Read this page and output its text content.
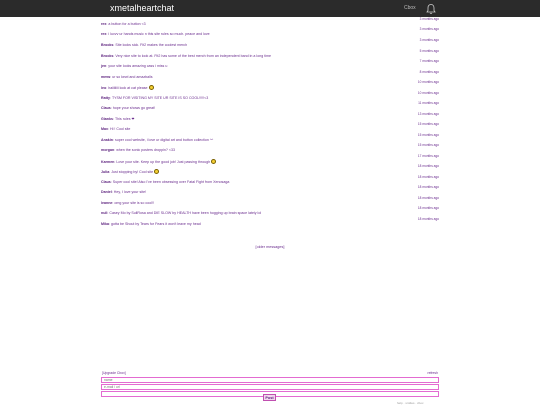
xmetalheartchat	Cbox
3 months ago
rex: a button for a button <3
3 months ago
rex: i luvvv ur hands music n this site rules so much. peace and love
3 months ago
Brooks: Site looks sick. Fit2 makes the coolest merch
5 months ago
Brooks: Very nice site to look at. Fit2 has some of the best merch from an independent band in a long time
7 months ago
jen: your site looks amazing cass i miss u
8 months ago
mmw: ur so kewl and amazballs
10 months ago
leo: haiiiiiiii look at cat please
10 months ago
Ratty: TYSM FOR VISITING MY SITE UR SITE IS SO COOL!!!!!<3
11 months ago
Claus: hope your shows go great!
13 months ago
Gianks: This rules ❤
15 months ago
Max: Hi ! Cool site
15 months ago
Anakin: super cool website, i love ur digital art and button collection ^^
15 months ago
morgan: when the sonic posters droppin? <33
17 months ago
Karmen: Love your site. Keep up the good job! Just passing through
18 months ago
Julia: Just stopping by! Cool site
18 months ago
Claus: Super cool site! Also I've been obsessing over Fatal Fight from Xenosaga
18 months ago
Daniel: Hey, I love your site!
18 months ago
leanne: omg your site is so cool!!
18 months ago
null: Casey Mo by SullRosa and DIE SLOW by HEALTH have been hogging up brain space lately lol
18 months ago
Mika: gotta be Shout by Tears for Fears it won't leave my head
[older messages]
[Upgrade Cbox]	refresh
name
e-mail / url
Post
help · smilies · cbox
